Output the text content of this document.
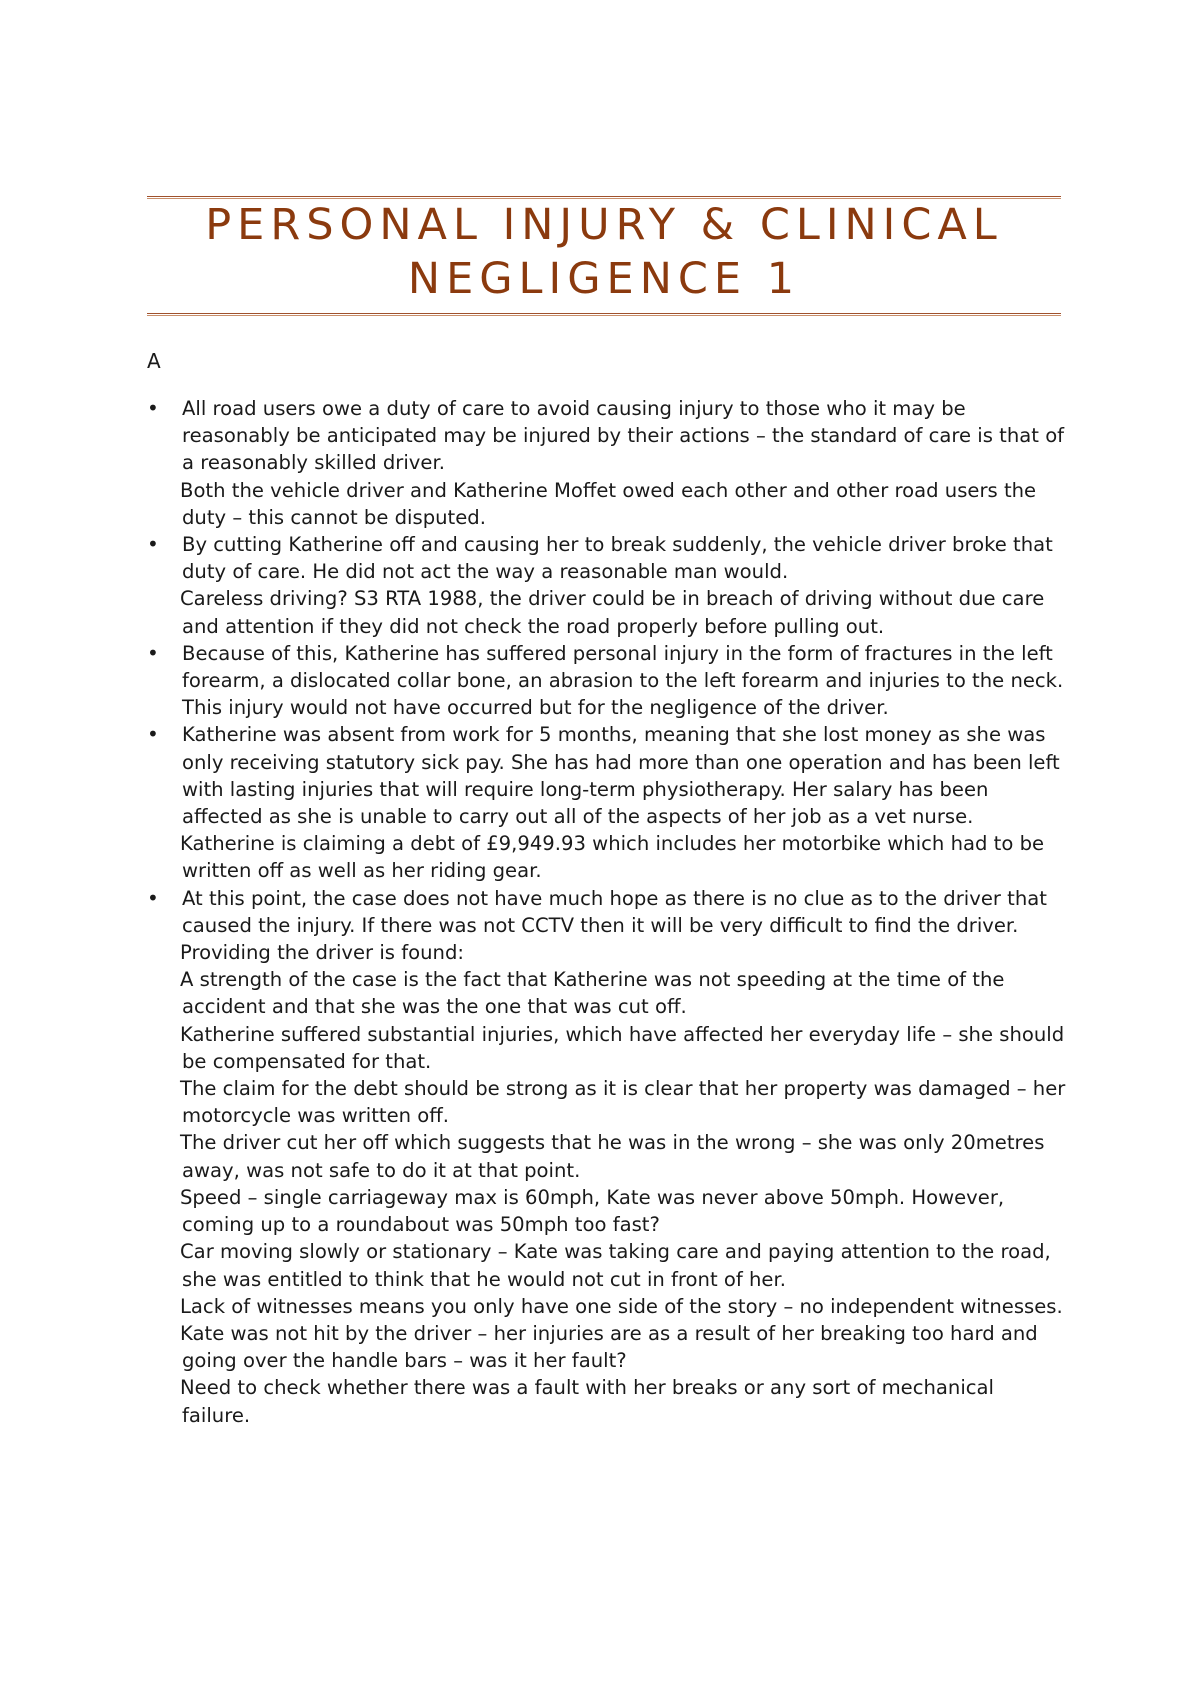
PERSONAL INJURY & CLINICAL NEGLIGENCE 1
A
•	All road users owe a duty of care to avoid causing injury to those who it may be reasonably be anticipated may be injured by their actions – the standard of care is that of a reasonably skilled driver.
Both the vehicle driver and Katherine Moffet owed each other and other road users the duty – this cannot be disputed.
•	By cutting Katherine off and causing her to break suddenly, the vehicle driver broke that duty of care. He did not act the way a reasonable man would.
Careless driving? S3 RTA 1988, the driver could be in breach of driving without due care and attention if they did not check the road properly before pulling out.
•	Because of this, Katherine has suffered personal injury in the form of fractures in the left forearm, a dislocated collar bone, an abrasion to the left forearm and injuries to the neck. This injury would not have occurred but for the negligence of the driver.
•	Katherine was absent from work for 5 months, meaning that she lost money as she was only receiving statutory sick pay. She has had more than one operation and has been left with lasting injuries that will require long-term physiotherapy. Her salary has been affected as she is unable to carry out all of the aspects of her job as a vet nurse.
Katherine is claiming a debt of £9,949.93 which includes her motorbike which had to be written off as well as her riding gear.
•	At this point, the case does not have much hope as there is no clue as to the driver that caused the injury. If there was not CCTV then it will be very difficult to find the driver.
Providing the driver is found:
A strength of the case is the fact that Katherine was not speeding at the time of the accident and that she was the one that was cut off.
Katherine suffered substantial injuries, which have affected her everyday life – she should be compensated for that.
The claim for the debt should be strong as it is clear that her property was damaged – her motorcycle was written off.
The driver cut her off which suggests that he was in the wrong – she was only 20metres away, was not safe to do it at that point.
Speed – single carriageway max is 60mph, Kate was never above 50mph. However, coming up to a roundabout was 50mph too fast?
Car moving slowly or stationary – Kate was taking care and paying attention to the road, she was entitled to think that he would not cut in front of her.
Lack of witnesses means you only have one side of the story – no independent witnesses.
Kate was not hit by the driver – her injuries are as a result of her breaking too hard and going over the handle bars – was it her fault?
Need to check whether there was a fault with her breaks or any sort of mechanical failure.
